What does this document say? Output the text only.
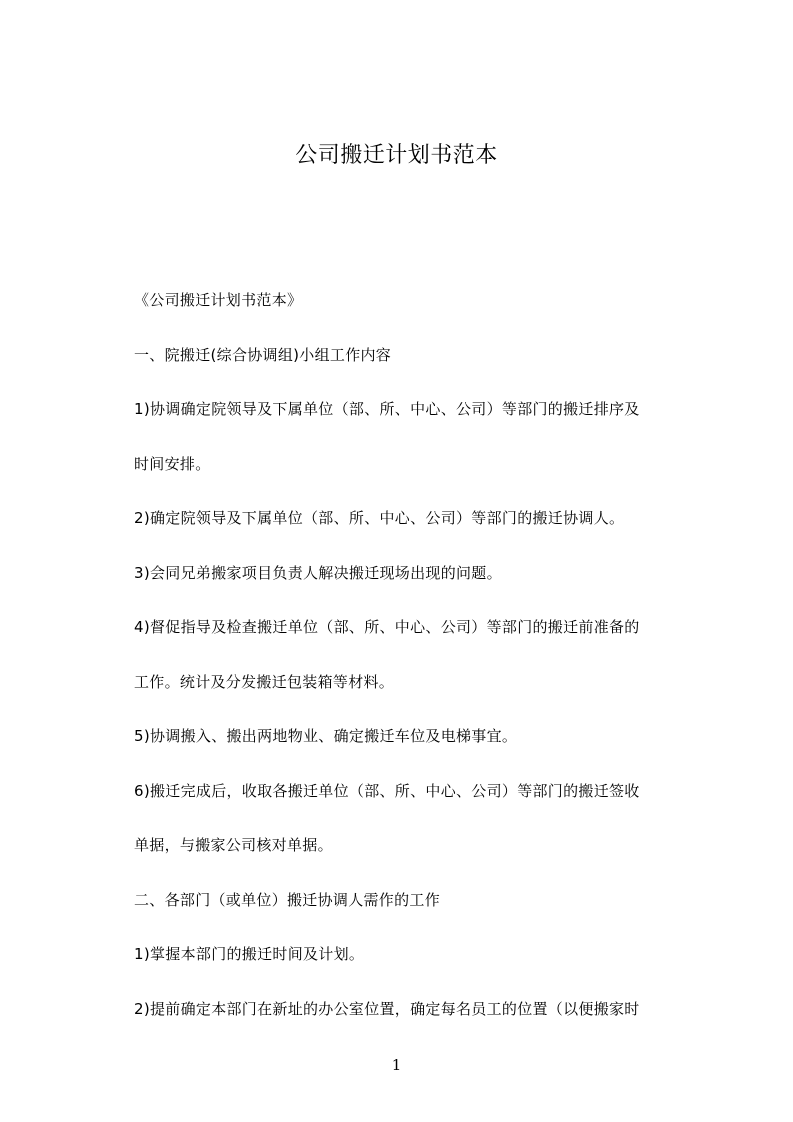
公司搬迁计划书范本
《公司搬迁计划书范本》
一、院搬迁(综合协调组)小组工作内容
1)协调确定院领导及下属单位（部、所、中心、公司）等部门的搬迁排序及
时间安排。
2)确定院领导及下属单位（部、所、中心、公司）等部门的搬迁协调人。
3)会同兄弟搬家项目负责人解决搬迁现场出现的问题。
4)督促指导及检查搬迁单位（部、所、中心、公司）等部门的搬迁前准备的
工作。统计及分发搬迁包装箱等材料。
5)协调搬入、搬出两地物业、确定搬迁车位及电梯事宜。
6)搬迁完成后，收取各搬迁单位（部、所、中心、公司）等部门的搬迁签收
单据，与搬家公司核对单据。
二、各部门（或单位）搬迁协调人需作的工作
1)掌握本部门的搬迁时间及计划。
2)提前确定本部门在新址的办公室位置，确定每名员工的位置（以便搬家时
1
